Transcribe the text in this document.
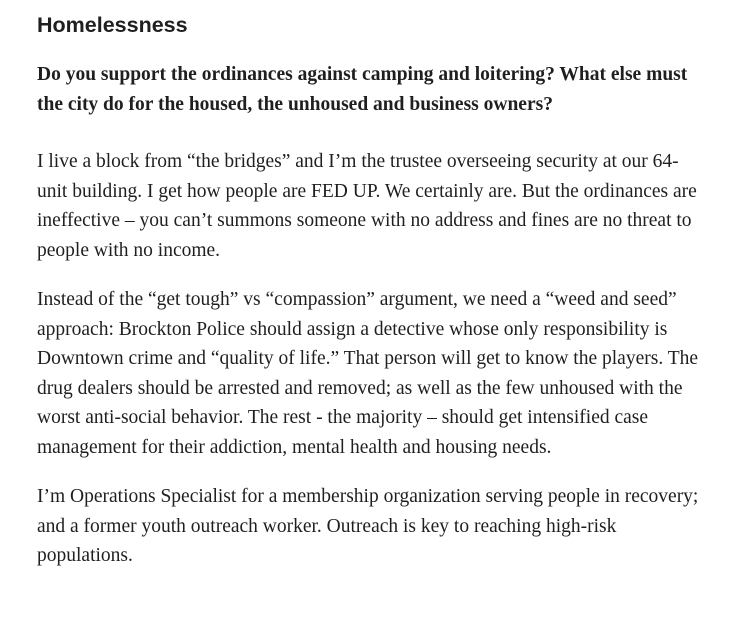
Homelessness

Do you support the ordinances against camping and loitering? What else must the city do for the housed, the unhoused and business owners?

I live a block from “the bridges” and I’m the trustee overseeing security at our 64-unit building. I get how people are FED UP. We certainly are. But the ordinances are ineffective – you can’t summons someone with no address and fines are no threat to people with no income.

Instead of the “get tough” vs “compassion” argument, we need a “weed and seed” approach: Brockton Police should assign a detective whose only responsibility is Downtown crime and “quality of life.” That person will get to know the players. The drug dealers should be arrested and removed; as well as the few unhoused with the worst anti-social behavior. The rest - the majority – should get intensified case management for their addiction, mental health and housing needs.

I’m Operations Specialist for a membership organization serving people in recovery; and a former youth outreach worker. Outreach is key to reaching high-risk populations.
